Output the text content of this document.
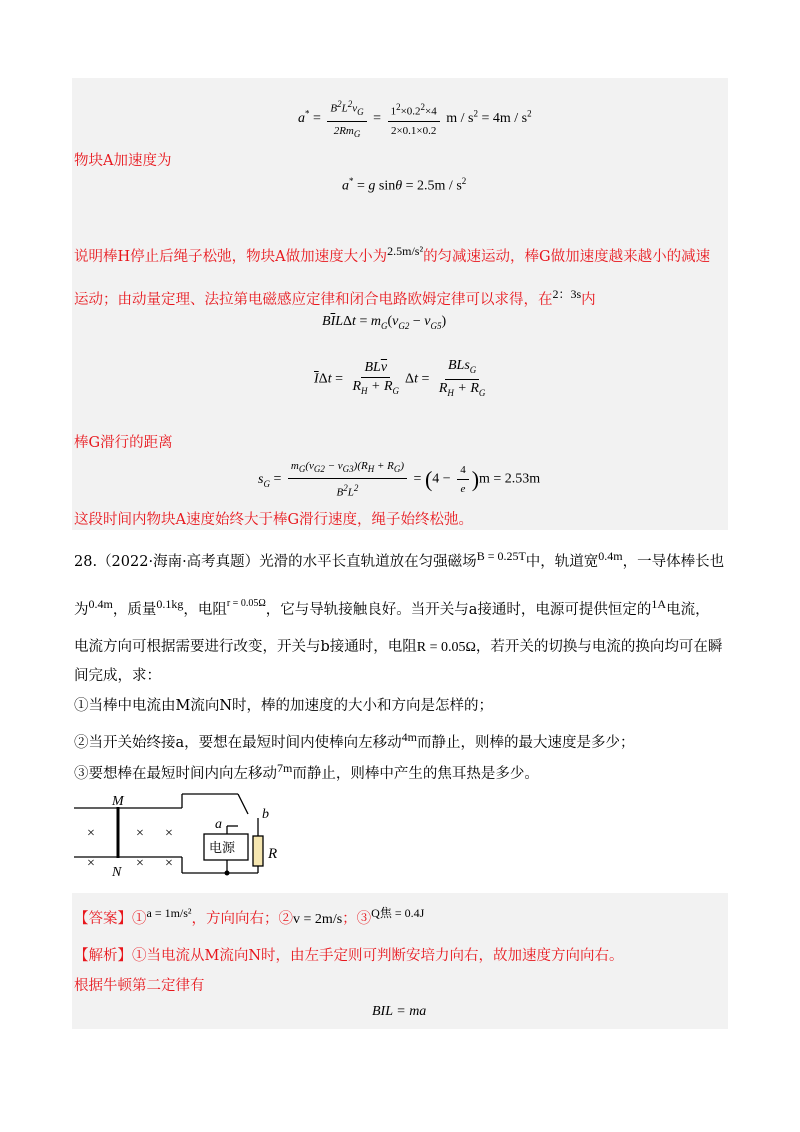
$a^* = \frac{B^2L^2v_G}{2Rm_G} = \frac{1^2\times 0.2^2\times 4}{2\times 0.1\times 0.2}$ $m / s^2 = 4m / s^2$
物块A加速度为
a* = g $\sin\theta = 2.5m / s^2$
说明棒H停止后绳子松弛，物块A做加速度大小为$^{2.5m/s^2}$的匀减速运动，棒G做加速度越来越小的减速
运动；由动量定理、法拉第电磁感应定律和闭合电路欧姆定律可以求得，在$^{2:3s}$内
$B\overline{I}L\Delta t = m_G(v_{G2} - v_{G5})$
$\overline{I}\Delta t = \frac{BL\overline{v}}{R_H + R_G}$ $\Delta t = \frac{BLs_G}{R_H + R_G}$
棒G滑行的距离
$s_G = \frac{m_G(v_{G2} - v_{G3})(R_H + R_G)}{B^2L^2} = (4 - \frac{4}{e} )m = 2.53m$
这段时间内物块A速度始终大于棒G滑行速度，绳子始终松弛。
28.（2022·海南·高考真题）光滑的水平长直轨道放在匀强磁场$^{B = 0.25T}$中，轨道宽$^{0.4m}$，一导体棒长也
为$^{0.4m}$，质量$^{0.1kg}$，电阻$^{r = 0.05\Omega}$，它与导轨接触良好。当开关与a接通时，电源可提供恒定的$^{1A}$电流，
电流方向可根据需要进行改变，开关与b接通时，电阻R = 0.05Ω，若开关的切换与电流的换向均可在瞬
间完成，求：
①当棒中电流由M流向N时，棒的加速度的大小和方向是怎样的；
②当开关始终接a，要想在最短时间内使棒向左移动$^{4m}$而静止，则棒的最大速度是多少；
③要想棒在最短时间内向左移动$^{7m}$而静止，则棒中产生的焦耳热是多少。
M
N
a
b
R
电源
×	× ×
×	× ×
【答案】①$^{a = 1m/s^2}$，方向向右；②v = 2m/s；③$^{Q焦 = 0.4J}$
【解析】①当电流从M流向N时，由左手定则可判断安培力向右，故加速度方向向右。
根据牛顿第二定律有
BIL = ma
